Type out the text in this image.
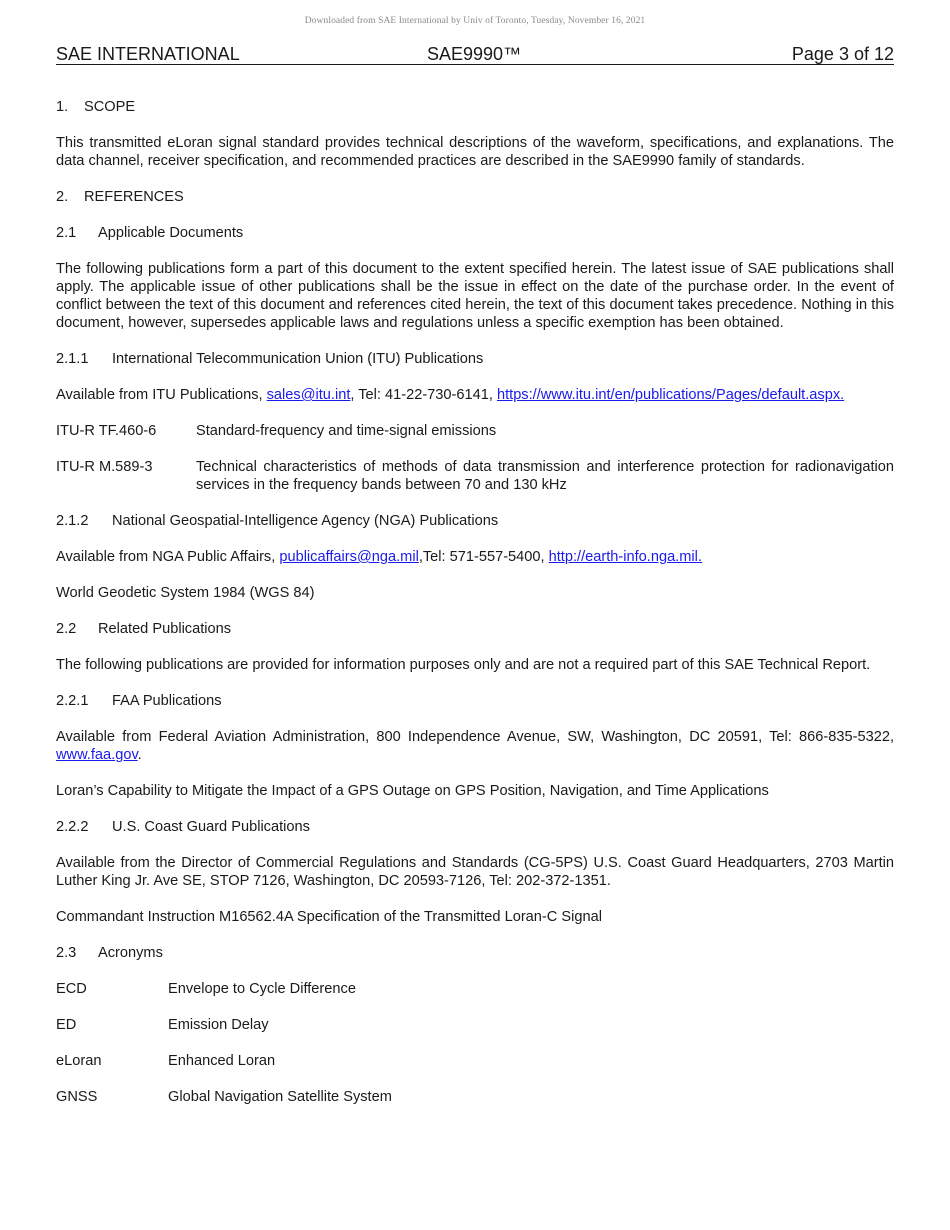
Downloaded from SAE International by Univ of Toronto, Tuesday, November 16, 2021
SAE INTERNATIONAL	SAE9990™	Page 3 of 12
1.	SCOPE

This transmitted eLoran signal standard provides technical descriptions of the waveform, specifications, and explanations. The data channel, receiver specification, and recommended practices are described in the SAE9990 family of standards.

2.	REFERENCES
2.1	Applicable Documents

The following publications form a part of this document to the extent specified herein. The latest issue of SAE publications shall apply. The applicable issue of other publications shall be the issue in effect on the date of the purchase order. In the event of conflict between the text of this document and references cited herein, the text of this document takes precedence. Nothing in this document, however, supersedes applicable laws and regulations unless a specific exemption has been obtained.

2.1.1	International Telecommunication Union (ITU) Publications

Available from ITU Publications, sales@itu.int, Tel: 41-22-730-6141, https://www.itu.int/en/publications/Pages/default.aspx.

ITU-R TF.460-6	Standard-frequency and time-signal emissions
ITU-R M.589-3	Technical characteristics of methods of data transmission and interference protection for radionavigation services in the frequency bands between 70 and 130 kHz
2.1.2	National Geospatial-Intelligence Agency (NGA) Publications

Available from NGA Public Affairs, publicaffairs@nga.mil,Tel: 571-557-5400, http://earth-info.nga.mil.

World Geodetic System 1984 (WGS 84)

2.2	Related Publications

The following publications are provided for information purposes only and are not a required part of this SAE Technical Report.

2.2.1	FAA Publications

Available from Federal Aviation Administration, 800 Independence Avenue, SW, Washington, DC 20591, Tel: 866-835-5322, www.faa.gov.

Loran’s Capability to Mitigate the Impact of a GPS Outage on GPS Position, Navigation, and Time Applications

2.2.2	U.S. Coast Guard Publications

Available from the Director of Commercial Regulations and Standards (CG-5PS) U.S. Coast Guard Headquarters, 2703 Martin Luther King Jr. Ave SE, STOP 7126, Washington, DC 20593-7126, Tel: 202-372-1351.

Commandant Instruction M16562.4A Specification of the Transmitted Loran-C Signal

2.3	Acronyms
ECD	Envelope to Cycle Difference
ED	Emission Delay
eLoran	Enhanced Loran
GNSS	Global Navigation Satellite System
